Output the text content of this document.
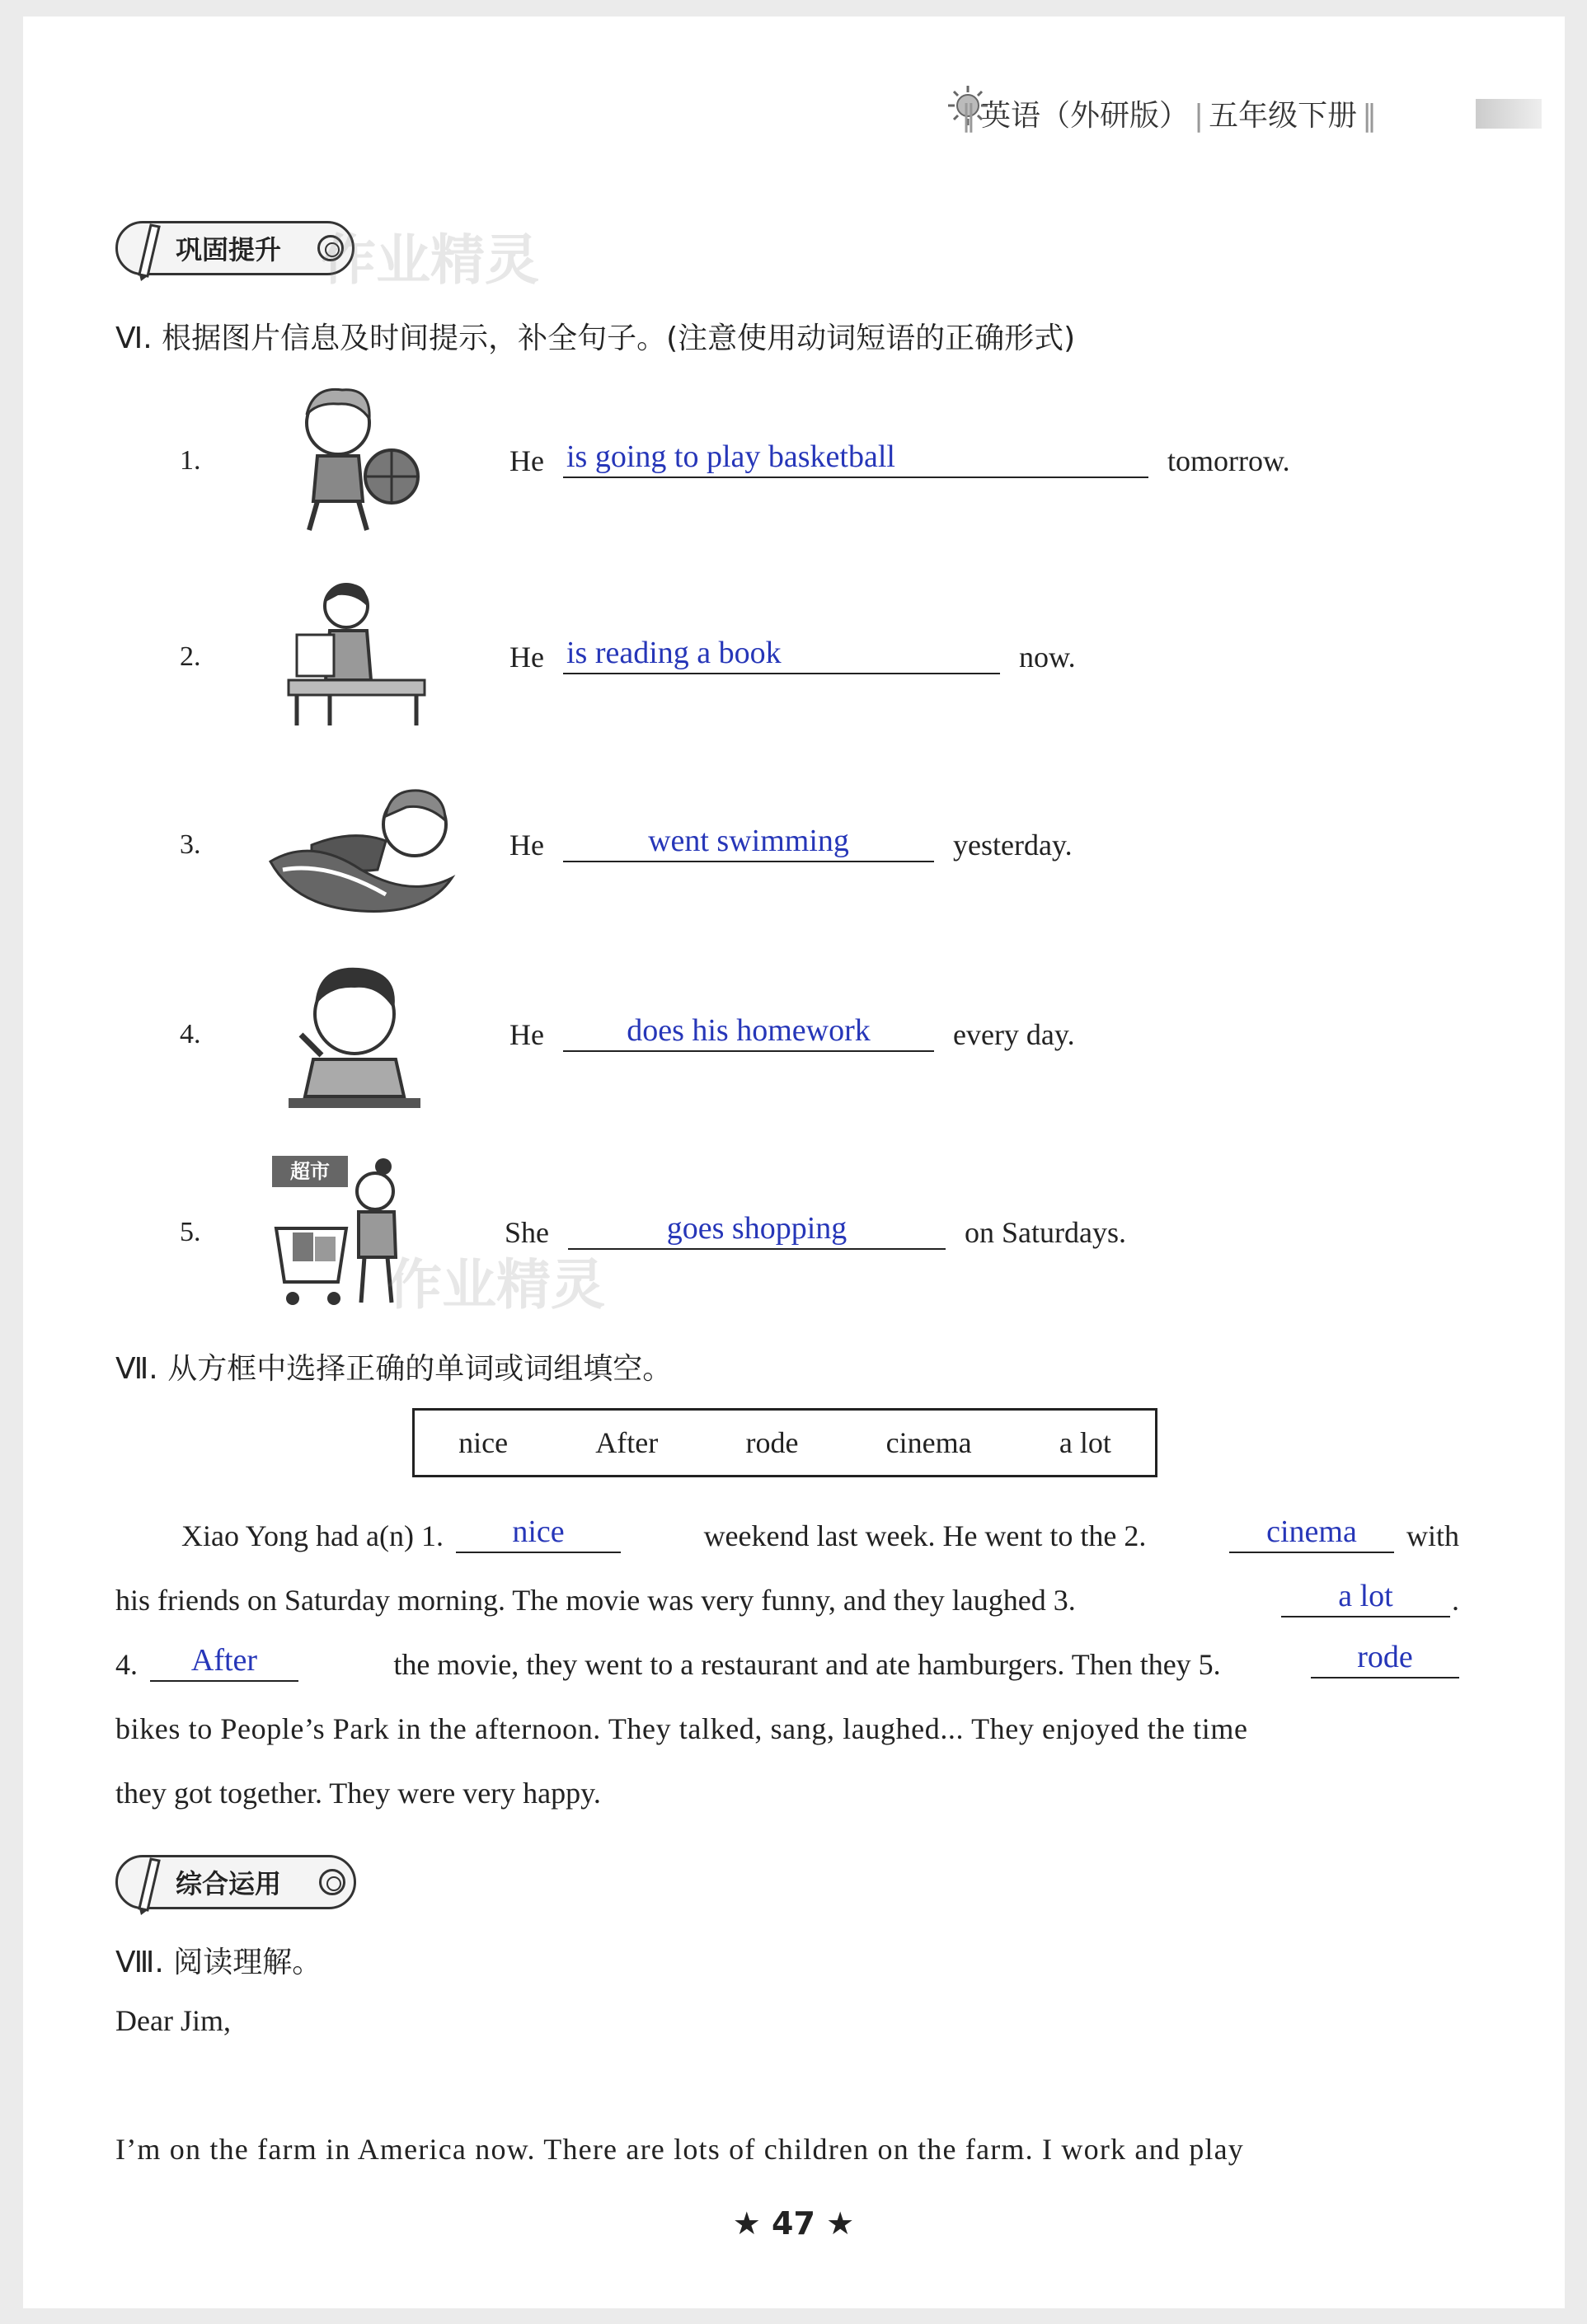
‖ 英语（外研版） | 五年级下册 ‖
巩固提升 作业精灵
Ⅵ. 根据图片信息及时间提示，补全句子。(注意使用动词短语的正确形式)
1.	He is going to play basketball	tomorrow.
2.	He is reading a book	now.
3.	He	went swimming	yesterday.
4.	He	does his homework	every day.
5.
超市
作业精灵
She	goes shopping	on Saturdays.
Ⅶ. 从方框中选择正确的单词或词组填空。
nice	After	rode	cinema	a lot
Xiao Yong had a(n) 1.	nice	weekend last week. He went to the 2.	cinema	with
his friends on Saturday morning. The movie was very funny, and they laughed 3.	a lot	.
4.	After	the movie, they went to a restaurant and ate hamburgers. Then they 5.	rode
bikes to People’s Park in the afternoon. They talked, sang, laughed... They enjoyed the time
they got together. They were very happy.
综合运用
Ⅷ. 阅读理解。
Dear Jim,
I’m on the farm in America now. There are lots of children on the farm. I work and play
★ 47 ★
